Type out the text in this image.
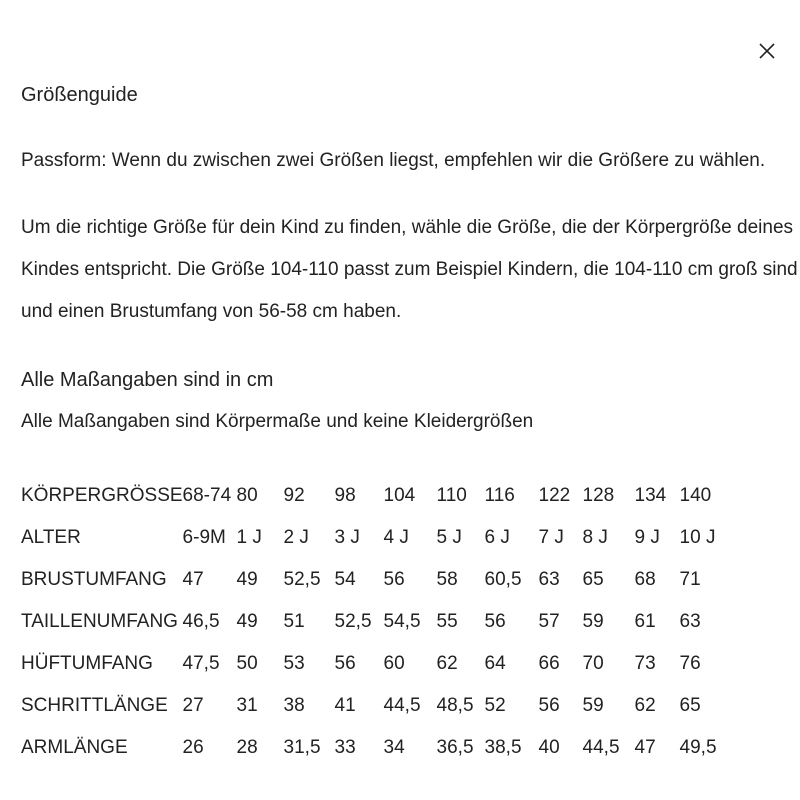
Größenguide
Passform: Wenn du zwischen zwei Größen liegst, empfehlen wir die Größere zu wählen.
Um die richtige Größe für dein Kind zu finden, wähle die Größe, die der Körpergröße deines
Kindes entspricht. Die Größe 104-110 passt zum Beispiel Kindern, die 104-110 cm groß sind
und einen Brustumfang von 56-58 cm haben.
Alle Maßangaben sind in cm
Alle Maßangaben sind Körpermaße und keine Kleidergrößen
KÖRPERGRÖSSE	68-74	80	92	98	104	110	116	122	128	134	140
ALTER	6-9M	1 J	2 J	3 J	4 J	5 J	6 J	7 J	8 J	9 J	10 J
BRUSTUMFANG	47	49	52,5	54	56	58	60,5	63	65	68	71
TAILLENUMFANG	46,5	49	51	52,5	54,5	55	56	57	59	61	63
HÜFTUMFANG	47,5	50	53	56	60	62	64	66	70	73	76
SCHRITTLÄNGE	27	31	38	41	44,5	48,5	52	56	59	62	65
ARMLÄNGE	26	28	31,5	33	34	36,5	38,5	40	44,5	47	49,5
